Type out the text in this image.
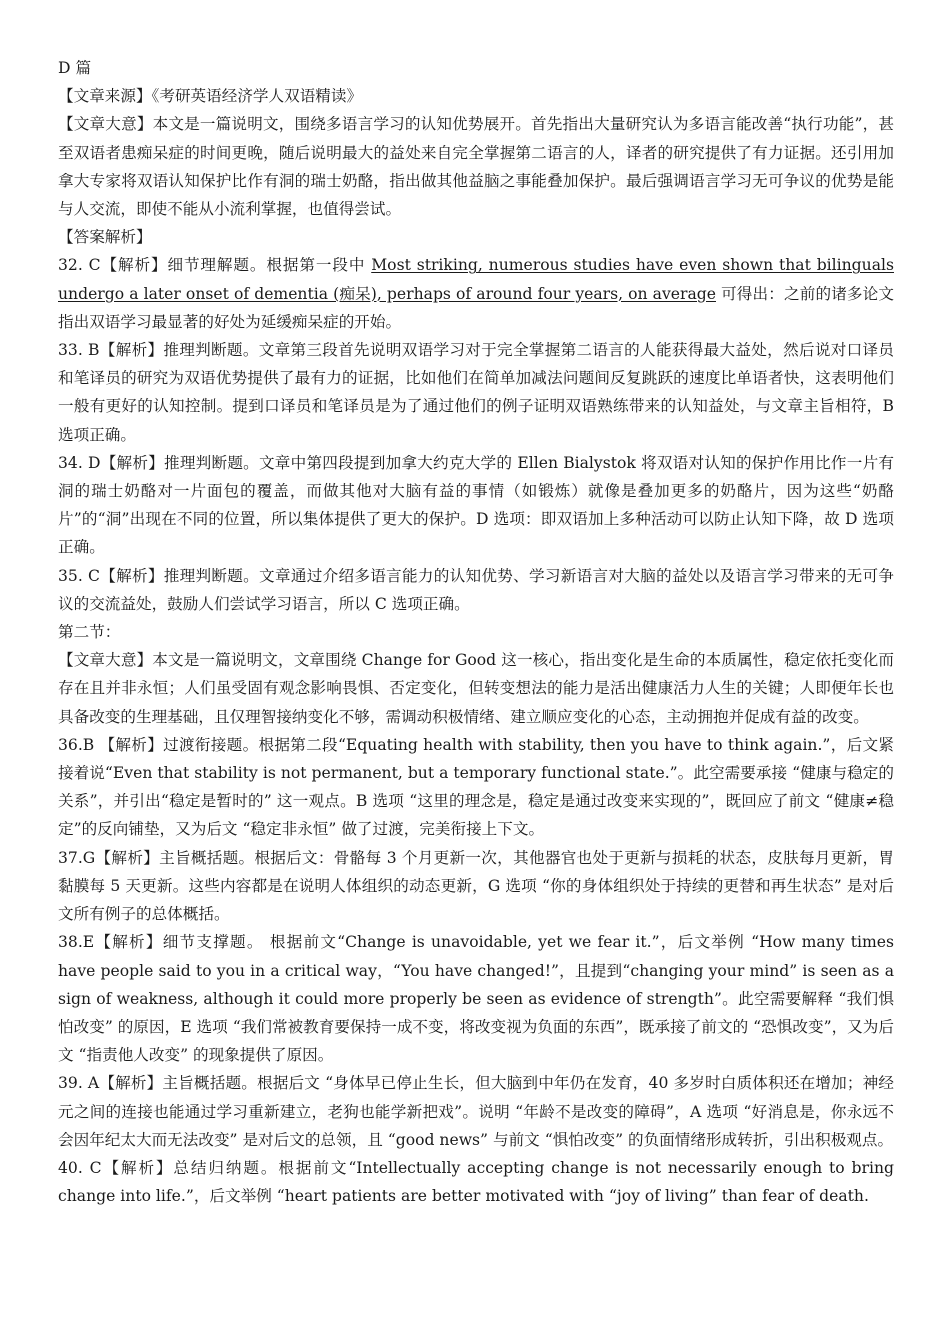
D 篇

【文章来源】《考研英语经济学人双语精读》

【文章大意】本文是一篇说明文，围绕多语言学习的认知优势展开。首先指出大量研究认为多语言能改善“执行功能”，甚至双语者患痴呆症的时间更晚，随后说明最大的益处来自完全掌握第二语言的人，译者的研究提供了有力证据。还引用加拿大专家将双语认知保护比作有洞的瑞士奶酪，指出做其他益脑之事能叠加保护。最后强调语言学习无可争议的优势是能与人交流，即使不能从小流利掌握，也值得尝试。

【答案解析】

32. C【解析】细节理解题。根据第一段中 Most striking, numerous studies have even shown that bilinguals undergo a later onset of dementia (痴呆), perhaps of around four years, on average 可得出：之前的诸多论文指出双语学习最显著的好处为延缓痴呆症的开始。

33. B【解析】推理判断题。文章第三段首先说明双语学习对于完全掌握第二语言的人能获得最大益处，然后说对口译员和笔译员的研究为双语优势提供了最有力的证据，比如他们在简单加减法问题间反复跳跃的速度比单语者快，这表明他们一般有更好的认知控制。提到口译员和笔译员是为了通过他们的例子证明双语熟练带来的认知益处，与文章主旨相符，B 选项正确。

34. D【解析】推理判断题。文章中第四段提到加拿大约克大学的 Ellen Bialystok 将双语对认知的保护作用比作一片有洞的瑞士奶酪对一片面包的覆盖，而做其他对大脑有益的事情（如锻炼）就像是叠加更多的奶酪片，因为这些“奶酪片”的“洞”出现在不同的位置，所以集体提供了更大的保护。D 选项：即双语加上多种活动可以防止认知下降，故 D 选项正确。

35. C【解析】推理判断题。文章通过介绍多语言能力的认知优势、学习新语言对大脑的益处以及语言学习带来的无可争议的交流益处，鼓励人们尝试学习语言，所以 C 选项正确。

第二节：

【文章大意】本文是一篇说明文，文章围绕 Change for Good 这一核心，指出变化是生命的本质属性，稳定依托变化而存在且并非永恒；人们虽受固有观念影响畏惧、否定变化，但转变想法的能力是活出健康活力人生的关键；人即便年长也具备改变的生理基础，且仅理智接纳变化不够，需调动积极情绪、建立顺应变化的心态，主动拥抱并促成有益的改变。

36.B 【解析】过渡衔接题。根据第二段“Equating health with stability, then you have to think again.”，后文紧接着说“Even that stability is not permanent, but a temporary functional state.”。此空需要承接 “健康与稳定的关系”，并引出“稳定是暂时的” 这一观点。B 选项 “这里的理念是，稳定是通过改变来实现的”，既回应了前文 “健康≠稳定”的反向铺垫，又为后文 “稳定非永恒” 做了过渡，完美衔接上下文。

37.G【解析】主旨概括题。根据后文：骨骼每 3 个月更新一次，其他器官也处于更新与损耗的状态，皮肤每月更新，胃黏膜每 5 天更新。这些内容都是在说明人体组织的动态更新，G 选项 “你的身体组织处于持续的更替和再生状态” 是对后文所有例子的总体概括。

38.E【解析】细节支撑题。 根据前文“Change is unavoidable, yet we fear it.”，后文举例 “How many times have people said to you in a critical way，“You have changed!”，且提到“changing your mind” is seen as a sign of weakness, although it could more properly be seen as evidence of strength”。此空需要解释 “我们惧怕改变” 的原因，E 选项 “我们常被教育要保持一成不变，将改变视为负面的东西”，既承接了前文的 “恐惧改变”，又为后文 “指责他人改变” 的现象提供了原因。

39. A【解析】主旨概括题。根据后文 “身体早已停止生长，但大脑到中年仍在发育，40 多岁时白质体积还在增加；神经元之间的连接也能通过学习重新建立，老狗也能学新把戏”。说明 “年龄不是改变的障碍”，A 选项 “好消息是，你永远不会因年纪太大而无法改变” 是对后文的总领，且 “good news” 与前文 “惧怕改变” 的负面情绪形成转折，引出积极观点。

40. C【解析】总结归纳题。根据前文“Intellectually accepting change is not necessarily enough to bring change into life.”，后文举例 “heart patients are better motivated with “joy of living” than fear of death.
